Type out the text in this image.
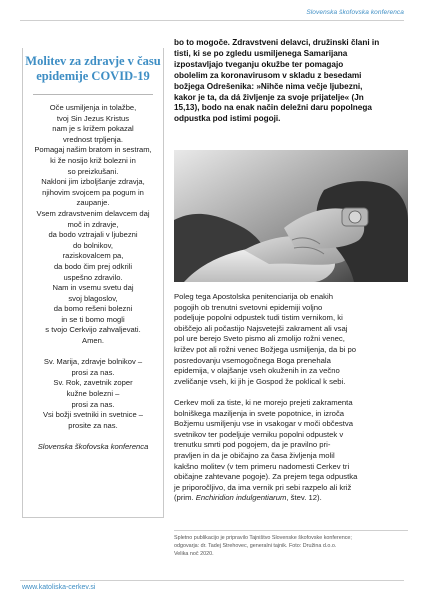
Slovenska škofovska konferenca
Molitev za zdravje v času
epidemije COVID-19
Oče usmiljenja in tolažbe,
tvoj Sin Jezus Kristus
nam je s križem pokazal
vrednost trpljenja.
Pomagaj našim bratom in sestram,
ki že nosijo križ bolezni in
so preizkušani.
Nakloni jim izboljšanje zdravja,
njihovim svojcem pa pogum in
zaupanje.
Vsem zdravstvenim delavcem daj
moč in zdravje,
da bodo vztrajali v ljubezni
do bolnikov,
raziskovalcem pa,
da bodo čim prej odkrili
uspešno zdravilo.
Nam in vsemu svetu daj
svoj blagoslov,
da bomo rešeni bolezni
in se ti bomo mogli
s tvojo Cerkvijo zahvaljevati.
Amen.
Sv. Marija, zdravje bolnikov –
prosi za nas.
Sv. Rok, zavetnik zoper
kužne bolezni –
prosi za nas.
Vsi božji svetniki in svetnice –
prosite za nas.
Slovenska škofovska konferenca
bo to mogoče. Zdravstveni delavci, družinski člani in
tisti, ki se po zgledu usmiljenega Samarijana
izpostavljajo tveganju okužbe ter pomagajo
obolelim za koronavirusom v skladu z besedami
božjega Odrešenika: »Nihče nima večje ljubezni,
kakor je ta, da dá življenje za svoje prijatelje« (Jn
15,13), bodo na enak način deležni daru popolnega
odpustka pod istimi pogoji.
Poleg tega Apostolska penitenciarija ob enakih
pogojih ob trenutni svetovni epidemiji voljno
podeljuje popolni odpustek tudi tistim vernikom, ki
obiščejo ali počastijo Najsvetejši zakrament ali vsaj
pol ure berejo Sveto pismo ali zmolijo rožni venec,
križev pot ali rožni venec Božjega usmiljenja, da bi po
posredovanju vsemogočnega Boga prenehala
epidemija, v olajšanje vseh okuženih in za večno
zveličanje vseh, ki jih je Gospod že poklical k sebi.
Cerkev moli za tiste, ki ne morejo prejeti zakramenta
bolniškega maziljenja in svete popotnice, in izroča
Božjemu usmiljenju vse in vsakogar v moči občestva
svetnikov ter podeljuje verniku popolni odpustek v
trenutku smrti pod pogojem, da je pravilno pri-
pravljen in da je običajno za časa življenja molil
kakšno molitev (v tem primeru nadomesti Cerkev tri
običajne zahtevane pogoje). Za prejem tega odpustka
je priporočljivo, da ima vernik pri sebi razpelo ali križ
(prim. Enchiridion indulgentiarum, štev. 12).
Spletno publikacijo je pripravilo Tajništvo Slovenske škofovske konference;
odgovarja: dr. Tadej Strehovec, generalni tajnik. Foto: Družina d.o.o.
Velika noč 2020.
www.katoliska-cerkev.si
